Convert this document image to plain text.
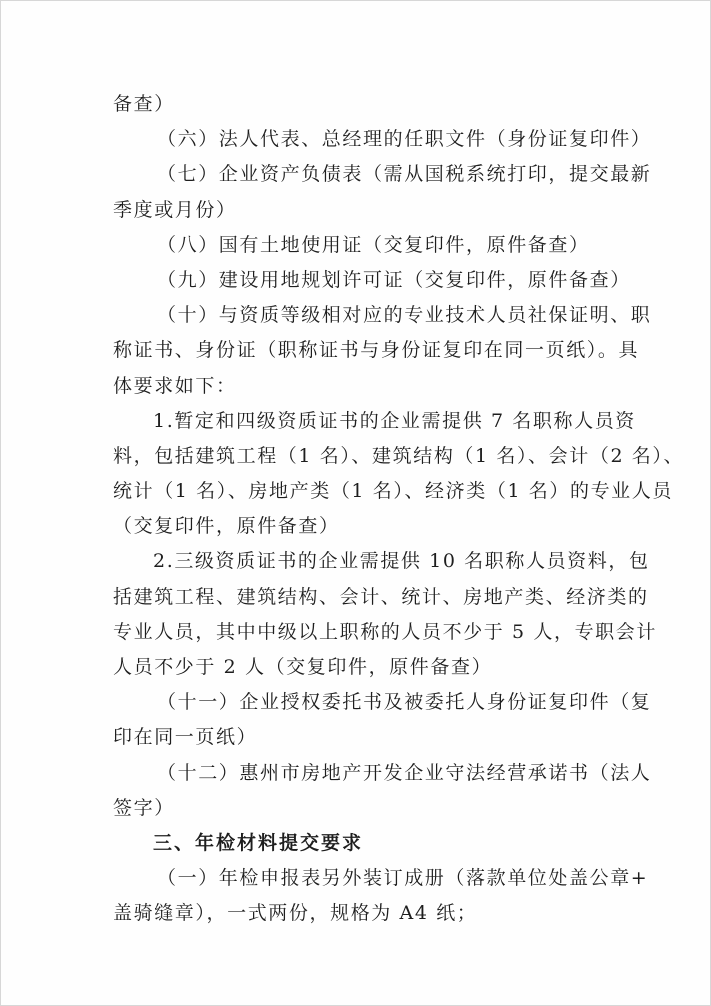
备查）
（六）法人代表、总经理的任职文件（身份证复印件）
（七）企业资产负债表（需从国税系统打印，提交最新
季度或月份）
（八）国有土地使用证（交复印件，原件备查）
（九）建设用地规划许可证（交复印件，原件备查）
（十）与资质等级相对应的专业技术人员社保证明、职
称证书、身份证（职称证书与身份证复印在同一页纸）。具
体要求如下：
1.暂定和四级资质证书的企业需提供 7 名职称人员资
料，包括建筑工程（1 名）、建筑结构（1 名）、会计（2 名）、
统计（1 名）、房地产类（1 名）、经济类（1 名）的专业人员
（交复印件，原件备查）
2.三级资质证书的企业需提供 10 名职称人员资料，包
括建筑工程、建筑结构、会计、统计、房地产类、经济类的
专业人员，其中中级以上职称的人员不少于 5 人，专职会计
人员不少于 2 人（交复印件，原件备查）
（十一）企业授权委托书及被委托人身份证复印件（复
印在同一页纸）
（十二）惠州市房地产开发企业守法经营承诺书（法人
签字）
三、年检材料提交要求
（一）年检申报表另外装订成册（落款单位处盖公章+
盖骑缝章），一式两份，规格为 A4 纸；
